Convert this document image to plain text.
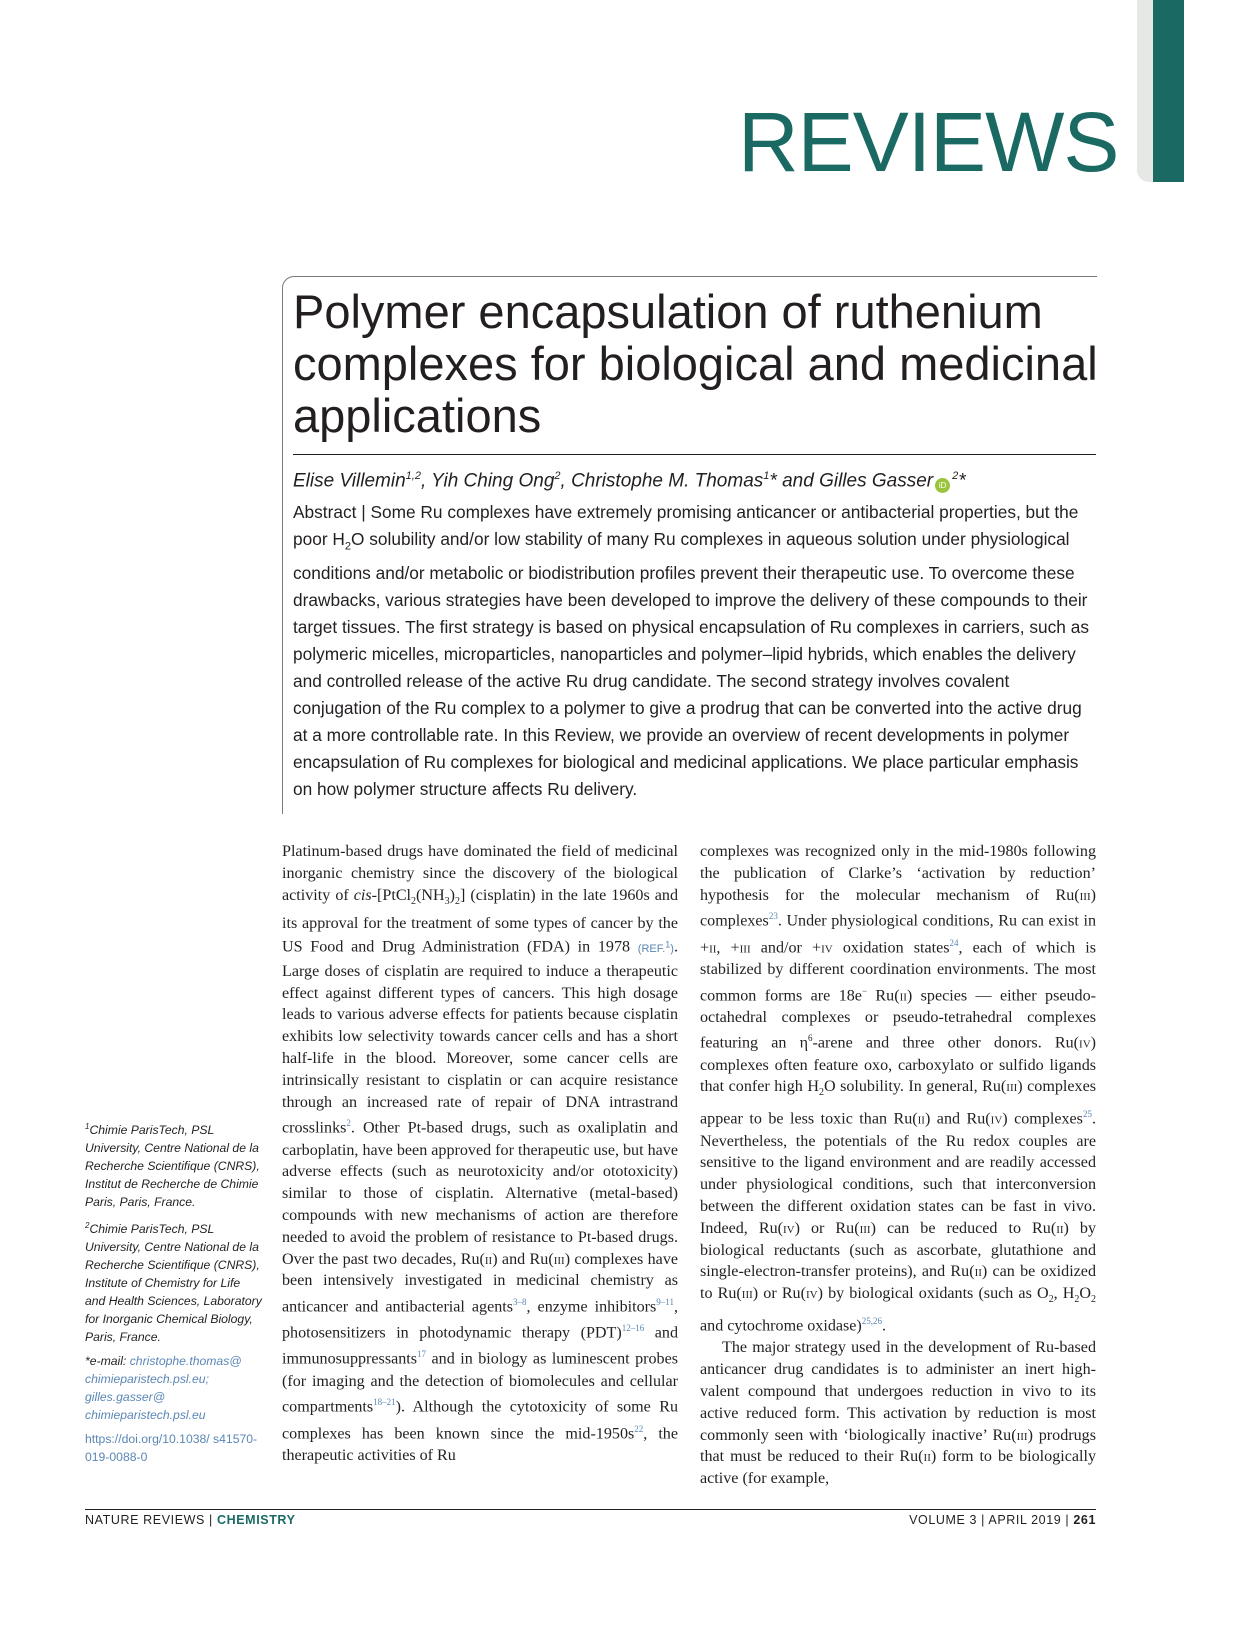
REVIEWS
Polymer encapsulation of ruthenium complexes for biological and medicinal applications
Elise Villemin$^{1,2}$, Yih Ching Ong$^2$, Christophe M. Thomas$^1$* and Gilles Gasser $iD^2*$

Abstract | Some Ru complexes have extremely promising anticancer or antibacterial properties, but the poor $H_2O$ solubility and/or low stability of many Ru complexes in aqueous solution under physiological conditions and/or metabolic or biodistribution profiles prevent their therapeutic use. To overcome these drawbacks, various strategies have been developed to improve the delivery of these compounds to their target tissues. The first strategy is based on physical encapsulation of Ru complexes in carriers, such as polymeric micelles, microparticles, nanoparticles and polymer–lipid hybrids, which enables the delivery and controlled release of the active Ru drug candidate. The second strategy involves covalent conjugation of the Ru complex to a polymer to give a prodrug that can be converted into the active drug at a more controllable rate. In this Review, we provide an overview of recent developments in polymer encapsulation of Ru complexes for biological and medicinal applications. We place particular emphasis on how polymer structure affects Ru delivery.

Platinum-based drugs have dominated the field of medicinal inorganic chemistry since the discovery of the biological activity of cis-$[PtCl_2(NH_3)_2]$ (cisplatin) in the late 1960s and its approval for the treatment of some types of cancer by the US Food and Drug Administration (FDA) in 1978 (REF.$^1$). Large doses of cisplatin are required to induce a therapeutic effect against different types of cancers. This high dosage leads to various adverse effects for patients because cisplatin exhibits low selectivity towards cancer cells and has a short half-life in the blood. Moreover, some cancer cells are intrinsically resistant to cisplatin or can acquire resistance through an increased rate of repair of DNA intrastrand crosslinks$^2$. Other Pt-based drugs, such as oxaliplatin and carboplatin, have been approved for therapeutic use, but have adverse effects (such as neurotoxicity and/or ototoxicity) similar to those of cisplatin. Alternative (metal-based) compounds with new mechanisms of action are therefore needed to avoid the problem of resistance to Pt-based drugs. Over the past two decades, Ru(ii) and Ru(iii) complexes have been intensively investigated in medicinal chemistry as anticancer and antibacterial agents$^{3-8}$, enzyme inhibitors$^{9-11}$, photosensitizers in photodynamic therapy (PDT)$^{12-16}$ and immunosuppressants$^{17}$ and in biology as luminescent probes (for imaging and the detection of biomolecules and cellular compartments$^{18-21}$). Although the cytotoxicity of some Ru complexes has been known since the mid-$1950s^{22}$, the therapeutic activities of Ru

complexes was recognized only in the mid-1980s following the publication of Clarke’s ‘activation by reduction’ hypothesis for the molecular mechanism of Ru(iii) complexes$^{23}$. Under physiological conditions, Ru can exist in +ii, +iii and/or +iv oxidation states$^{24}$, each of which is stabilized by different coordination environments. The most common forms are 18e− Ru(ii) species — either pseudo-octahedral complexes or pseudo-tetrahedral complexes featuring an $\eta^6$-arene and three other donors. Ru(iv) complexes often feature oxo, carboxylato or sulfido ligands that confer high $H_2O$ solubility. In general, Ru(iii) complexes appear to be less toxic than Ru(ii) and Ru(iv) complexes$^{25}$. Nevertheless, the potentials of the Ru redox couples are sensitive to the ligand environment and are readily accessed under physiological conditions, such that interconversion between the different oxidation states can be fast in vivo. Indeed, Ru(iv) or Ru(iii) can be reduced to Ru(ii) by biological reductants (such as ascorbate, glutathione and single-electron-transfer proteins), and Ru(ii) can be oxidized to Ru(iii) or Ru(iv) by biological oxidants (such as $O_2$, $H_2O_2$ and cytochrome oxidase)$^{25,26}$.

The major strategy used in the development of Ru-based anticancer drug candidates is to administer an inert high-valent compound that undergoes reduction in vivo to its active reduced form. This activation by reduction is most commonly seen with ‘biologically inactive’ Ru(iii) prodrugs that must be reduced to their Ru(ii) form to be biologically active (for example,

$^1$Chimie ParisTech, PSL University, Centre National de la Recherche Scientifique (CNRS), Institut de Recherche de Chimie Paris, Paris, France.

$^2$Chimie ParisTech, PSL University, Centre National de la Recherche Scientifique (CNRS), Institute of Chemistry for Life and Health Sciences, Laboratory for Inorganic Chemical Biology, Paris, France.

*e-mail: christophe.thomas@ chimieparistech.psl.eu;
gilles.gasser@ chimieparistech.psl.eu

https://doi.org/10.1038/ s41570-019-0088-0

NATURE REVIEWS | CHEMISTRY	VOLUME 3 | APRIL 2019 | 261
